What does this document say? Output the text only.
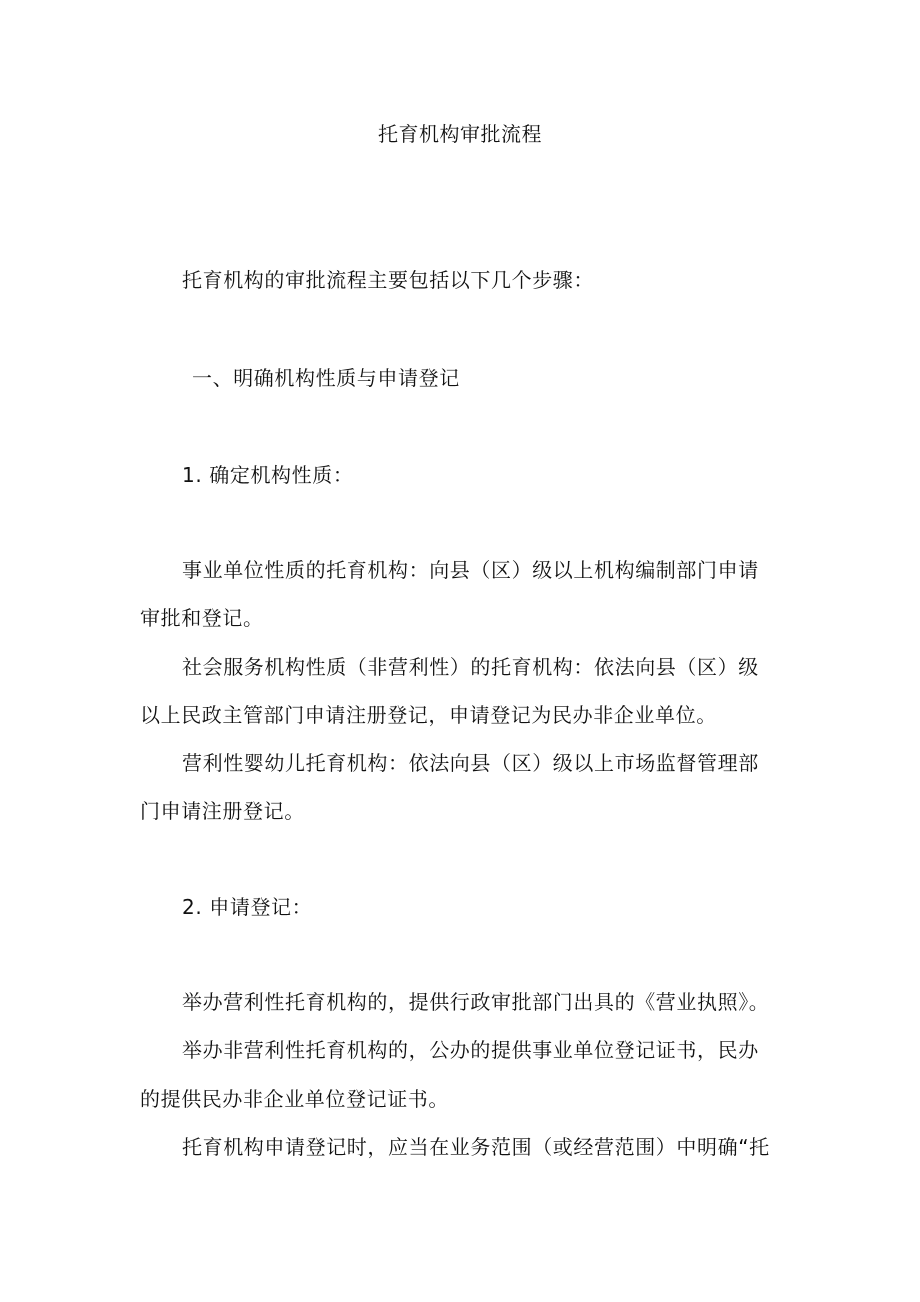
托育机构审批流程
托育机构的审批流程主要包括以下几个步骤：
一、明确机构性质与申请登记
1. 确定机构性质：
事业单位性质的托育机构：向县（区）级以上机构编制部门申请
审批和登记。
社会服务机构性质（非营利性）的托育机构：依法向县（区）级
以上民政主管部门申请注册登记，申请登记为民办非企业单位。
营利性婴幼儿托育机构：依法向县（区）级以上市场监督管理部
门申请注册登记。
2. 申请登记：
举办营利性托育机构的，提供行政审批部门出具的《营业执照》。
举办非营利性托育机构的，公办的提供事业单位登记证书，民办
的提供民办非企业单位登记证书。
托育机构申请登记时，应当在业务范围（或经营范围）中明确“托
